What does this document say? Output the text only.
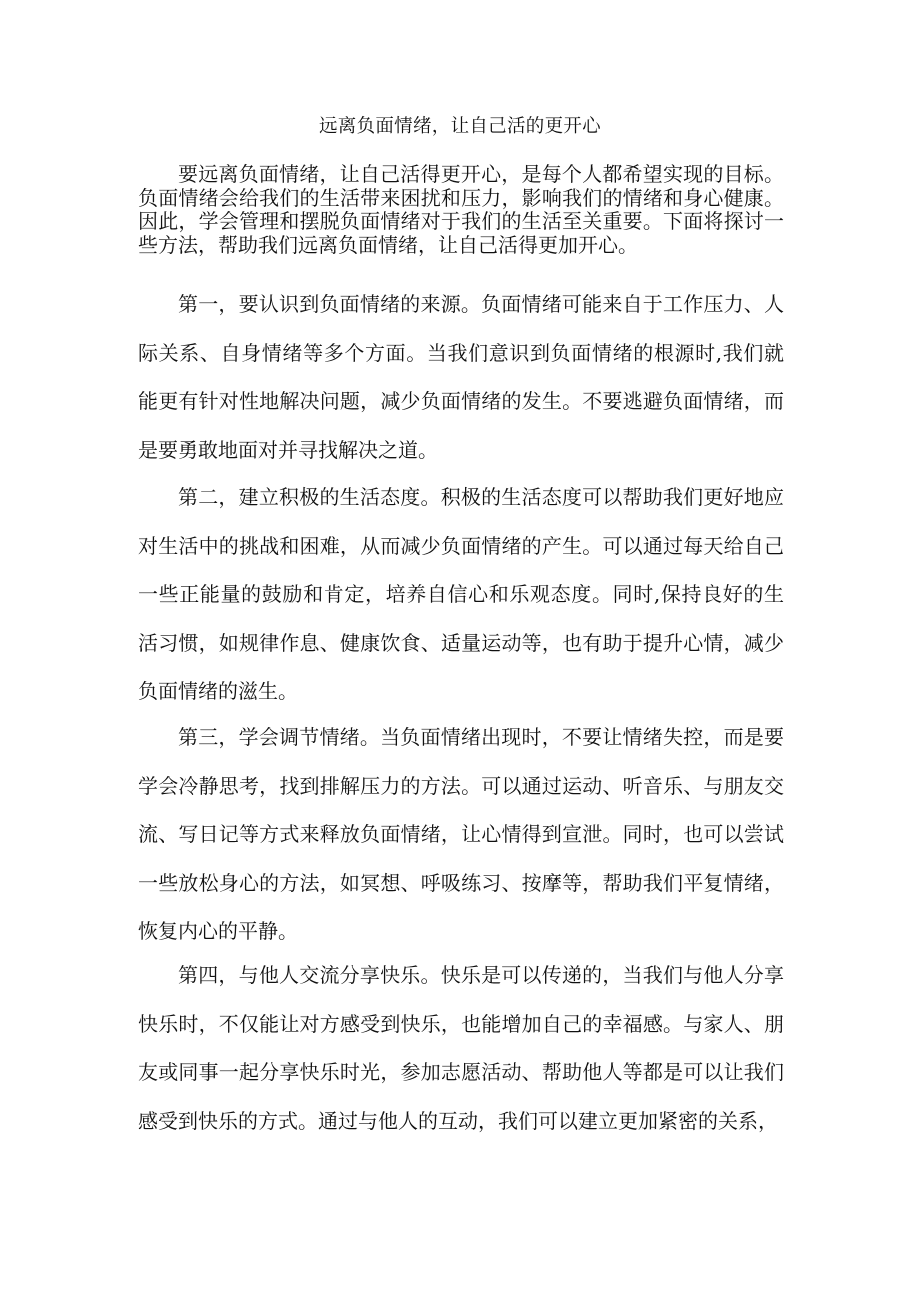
远离负面情绪，让自己活的更开心

要远离负面情绪，让自己活得更开心，是每个人都希望实现的目标。负面情绪会给我们的生活带来困扰和压力，影响我们的情绪和身心健康。因此，学会管理和摆脱负面情绪对于我们的生活至关重要。下面将探讨一些方法，帮助我们远离负面情绪，让自己活得更加开心。

第一，要认识到负面情绪的来源。负面情绪可能来自于工作压力、人际关系、自身情绪等多个方面。当我们意识到负面情绪的根源时,我们就能更有针对性地解决问题，减少负面情绪的发生。不要逃避负面情绪，而是要勇敢地面对并寻找解决之道。

第二，建立积极的生活态度。积极的生活态度可以帮助我们更好地应对生活中的挑战和困难，从而减少负面情绪的产生。可以通过每天给自己一些正能量的鼓励和肯定，培养自信心和乐观态度。同时,保持良好的生活习惯，如规律作息、健康饮食、适量运动等，也有助于提升心情，减少负面情绪的滋生。

第三，学会调节情绪。当负面情绪出现时，不要让情绪失控，而是要学会冷静思考，找到排解压力的方法。可以通过运动、听音乐、与朋友交流、写日记等方式来释放负面情绪，让心情得到宣泄。同时，也可以尝试一些放松身心的方法，如冥想、呼吸练习、按摩等，帮助我们平复情绪，恢复内心的平静。

第四，与他人交流分享快乐。快乐是可以传递的，当我们与他人分享快乐时，不仅能让对方感受到快乐，也能增加自己的幸福感。与家人、朋友或同事一起分享快乐时光，参加志愿活动、帮助他人等都是可以让我们感受到快乐的方式。通过与他人的互动，我们可以建立更加紧密的关系，
